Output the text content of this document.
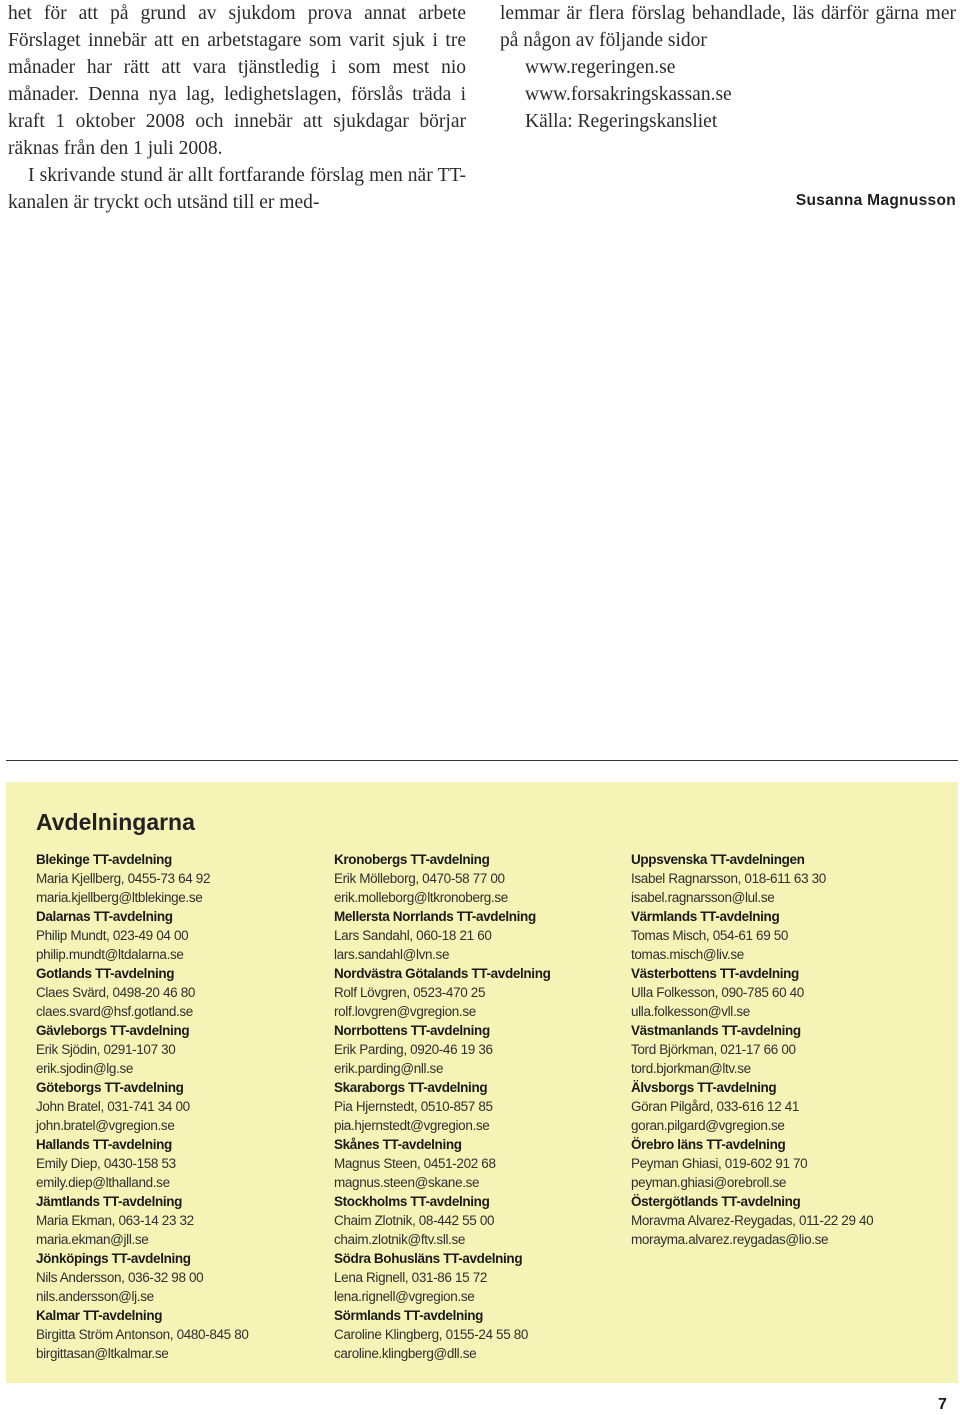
het för att på grund av sjukdom prova annat arbete Förslaget innebär att en arbetstagare som varit sjuk i tre månader har rätt att vara tjänstledig i som mest nio månader. Denna nya lag, ledighetslagen, förslås träda i kraft 1 oktober 2008 och innebär att sjukdagar börjar räknas från den 1 juli 2008.

I skrivande stund är allt fortfarande förslag men när TT-kanalen är tryckt och utsänd till er med-

lemmar är flera förslag behandlade, läs därför gärna mer på någon av följande sidor

www.regeringen.se

www.forsakringskassan.se

Källa: Regeringskansliet

Susanna Magnusson
Avdelningarna
Blekinge TT-avdelning
Maria Kjellberg, 0455-73 64 92
maria.kjellberg@ltblekinge.se
Dalarnas TT-avdelning
Philip Mundt, 023-49 04 00
philip.mundt@ltdalarna.se
Gotlands TT-avdelning
Claes Svärd, 0498-20 46 80
claes.svard@hsf.gotland.se
Gävleborgs TT-avdelning
Erik Sjödin, 0291-107 30
erik.sjodin@lg.se
Göteborgs TT-avdelning
John Bratel, 031-741 34 00
john.bratel@vgregion.se
Hallands TT-avdelning
Emily Diep, 0430-158 53
emily.diep@lthalland.se
Jämtlands TT-avdelning
Maria Ekman, 063-14 23 32
maria.ekman@jll.se
Jönköpings TT-avdelning
Nils Andersson, 036-32 98 00
nils.andersson@lj.se
Kalmar TT-avdelning
Birgitta Ström Antonson, 0480-845 80
birgittasan@ltkalmar.se
Kronobergs TT-avdelning
Erik Mölleborg, 0470-58 77 00
erik.molleborg@ltkronoberg.se
Mellersta Norrlands TT-avdelning
Lars Sandahl, 060-18 21 60
lars.sandahl@lvn.se
Nordvästra Götalands TT-avdelning
Rolf Lövgren, 0523-470 25
rolf.lovgren@vgregion.se
Norrbottens TT-avdelning
Erik Parding, 0920-46 19 36
erik.parding@nll.se
Skaraborgs TT-avdelning
Pia Hjernstedt, 0510-857 85
pia.hjernstedt@vgregion.se
Skånes TT-avdelning
Magnus Steen, 0451-202 68
magnus.steen@skane.se
Stockholms TT-avdelning
Chaim Zlotnik, 08-442 55 00
chaim.zlotnik@ftv.sll.se
Södra Bohusläns TT-avdelning
Lena Rignell, 031-86 15 72
lena.rignell@vgregion.se
Sörmlands TT-avdelning
Caroline Klingberg, 0155-24 55 80
caroline.klingberg@dll.se
Uppsvenska TT-avdelningen
Isabel Ragnarsson, 018-611 63 30
isabel.ragnarsson@lul.se
Värmlands TT-avdelning
Tomas Misch, 054-61 69 50
tomas.misch@liv.se
Västerbottens TT-avdelning
Ulla Folkesson, 090-785 60 40
ulla.folkesson@vll.se
Västmanlands TT-avdelning
Tord Björkman, 021-17 66 00
tord.bjorkman@ltv.se
Älvsborgs TT-avdelning
Göran Pilgård, 033-616 12 41
goran.pilgard@vgregion.se
Örebro läns TT-avdelning
Peyman Ghiasi, 019-602 91 70
peyman.ghiasi@orebroll.se
Östergötlands TT-avdelning
Moravma Alvarez-Reygadas, 011-22 29 40
morayma.alvarez.reygadas@lio.se
7
